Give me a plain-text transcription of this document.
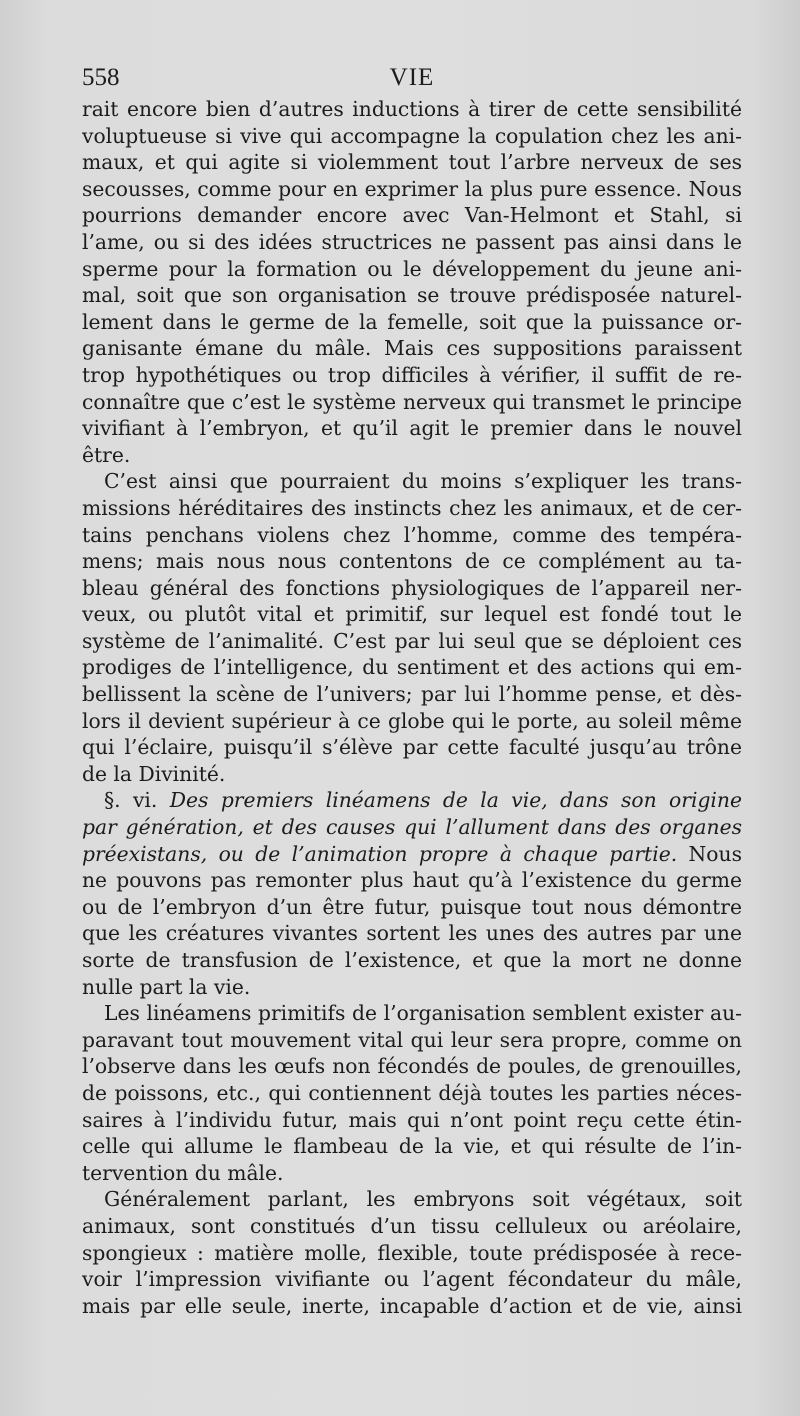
558	VIE
rait encore bien d’autres inductions à tirer de cette sensibilité
voluptueuse si vive qui accompagne la copulation chez les ani-
maux, et qui agite si violemment tout l’arbre nerveux de ses
secousses, comme pour en exprimer la plus pure essence. Nous
pourrions demander encore avec Van-Helmont et Stahl, si
l’ame, ou si des idées structrices ne passent pas ainsi dans le
sperme pour la formation ou le développement du jeune ani-
mal, soit que son organisation se trouve prédisposée naturel-
lement dans le germe de la femelle, soit que la puissance or-
ganisante émane du mâle. Mais ces suppositions paraissent
trop hypothétiques ou trop difficiles à vérifier, il suffit de re-
connaître que c’est le système nerveux qui transmet le principe
vivifiant à l’embryon, et qu’il agit le premier dans le nouvel
être.
C’est ainsi que pourraient du moins s’expliquer les trans-
missions héréditaires des instincts chez les animaux, et de cer-
tains penchans violens chez l’homme, comme des tempéra-
mens; mais nous nous contentons de ce complément au ta-
bleau général des fonctions physiologiques de l’appareil ner-
veux, ou plutôt vital et primitif, sur lequel est fondé tout le
système de l’animalité. C’est par lui seul que se déploient ces
prodiges de l’intelligence, du sentiment et des actions qui em-
bellissent la scène de l’univers; par lui l’homme pense, et dès-
lors il devient supérieur à ce globe qui le porte, au soleil même
qui l’éclaire, puisqu’il s’élève par cette faculté jusqu’au trône
de la Divinité.
§. vi. Des premiers linéamens de la vie, dans son origine
par génération, et des causes qui l’allument dans des organes
préexistans, ou de l’animation propre à chaque partie. Nous
ne pouvons pas remonter plus haut qu’à l’existence du germe
ou de l’embryon d’un être futur, puisque tout nous démontre
que les créatures vivantes sortent les unes des autres par une
sorte de transfusion de l’existence, et que la mort ne donne
nulle part la vie.
Les linéamens primitifs de l’organisation semblent exister au-
paravant tout mouvement vital qui leur sera propre, comme on
l’observe dans les œufs non fécondés de poules, de grenouilles,
de poissons, etc., qui contiennent déjà toutes les parties néces-
saires à l’individu futur, mais qui n’ont point reçu cette étin-
celle qui allume le flambeau de la vie, et qui résulte de l’in-
tervention du mâle.
Généralement parlant, les embryons soit végétaux, soit
animaux, sont constitués d’un tissu celluleux ou aréolaire,
spongieux : matière molle, flexible, toute prédisposée à rece-
voir l’impression vivifiante ou l’agent fécondateur du mâle,
mais par elle seule, inerte, incapable d’action et de vie, ainsi
